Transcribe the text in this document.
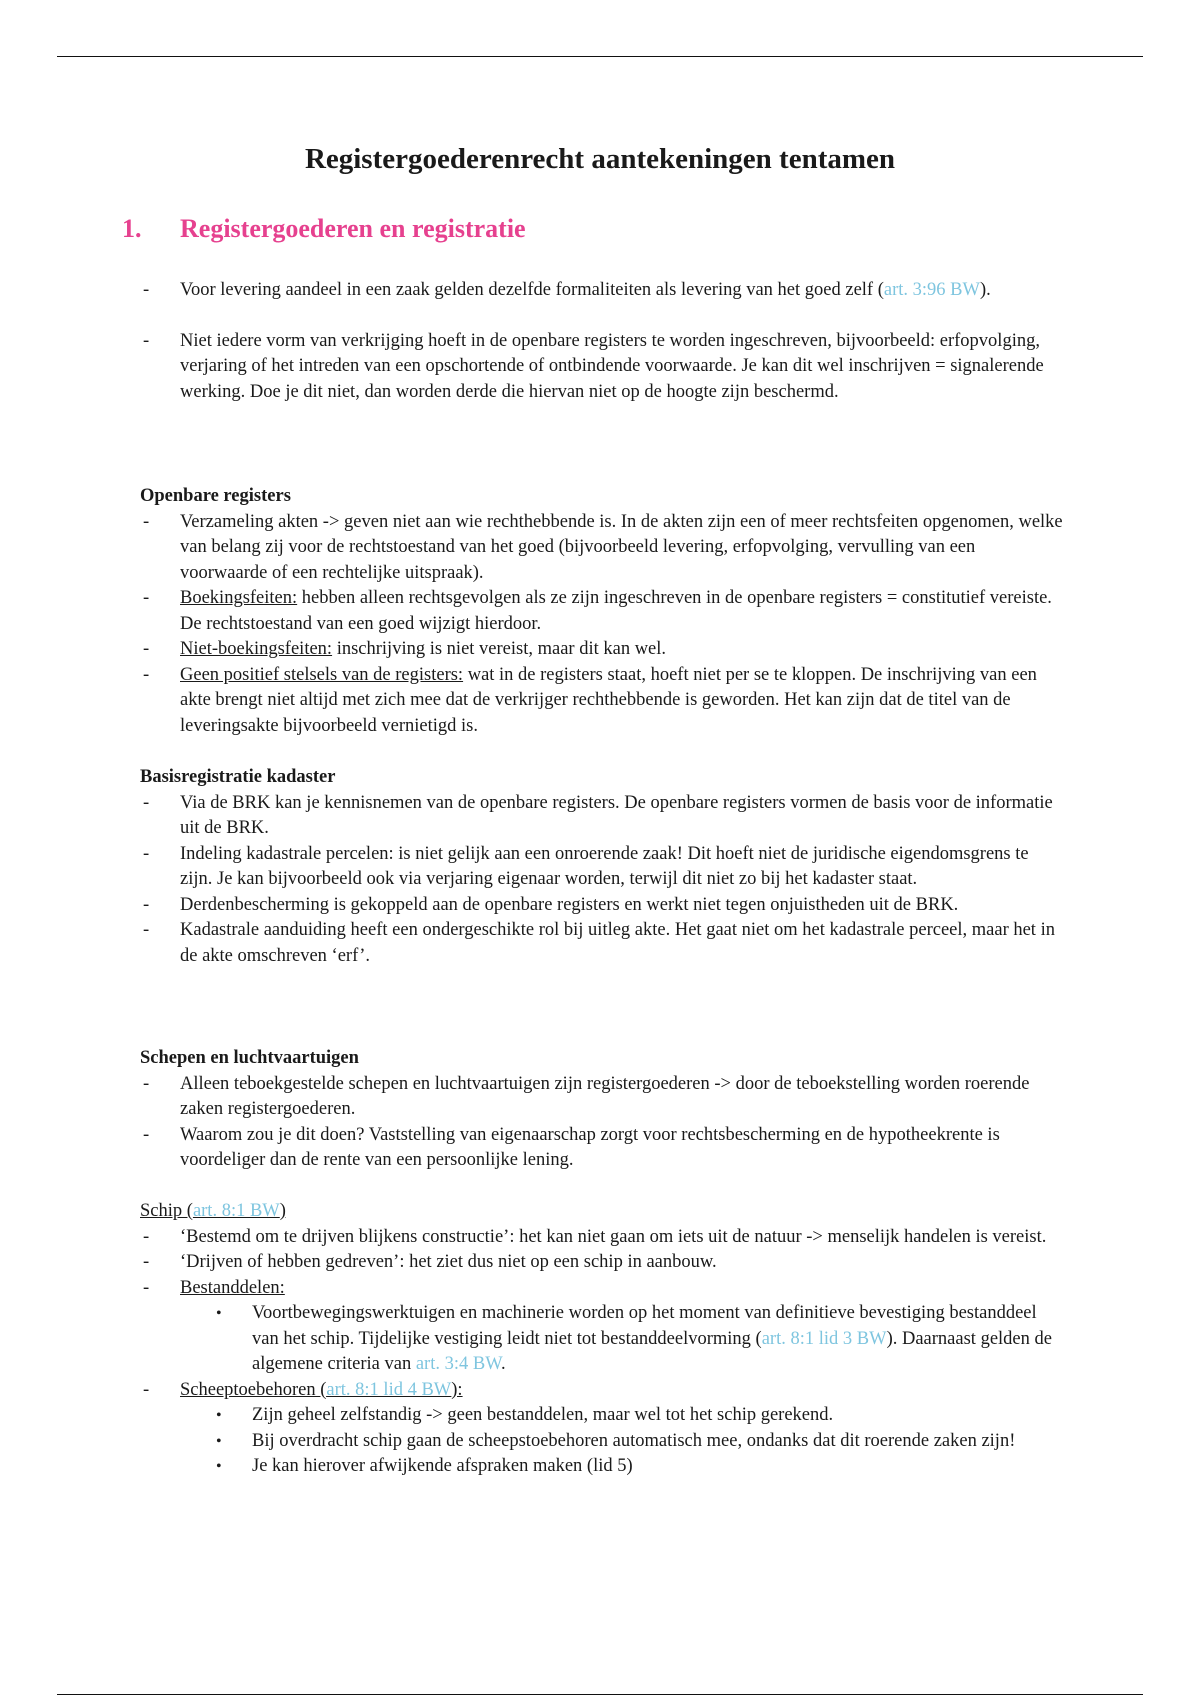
Registergoederenrecht aantekeningen tentamen
1. Registergoederen en registratie
- Voor levering aandeel in een zaak gelden dezelfde formaliteiten als levering van het goed zelf (art. 3:96 BW).
- Niet iedere vorm van verkrijging hoeft in de openbare registers te worden ingeschreven, bijvoorbeeld: erfopvolging, verjaring of het intreden van een opschortende of ontbindende voorwaarde. Je kan dit wel inschrijven = signalerende werking. Doe je dit niet, dan worden derde die hiervan niet op de hoogte zijn beschermd.
Openbare registers
- Verzameling akten -> geven niet aan wie rechthebbende is. In de akten zijn een of meer rechtsfeiten opgenomen, welke van belang zij voor de rechtstoestand van het goed (bijvoorbeeld levering, erfopvolging, vervulling van een voorwaarde of een rechtelijke uitspraak).
- Boekingsfeiten: hebben alleen rechtsgevolgen als ze zijn ingeschreven in de openbare registers = constitutief vereiste. De rechtstoestand van een goed wijzigt hierdoor.
- Niet-boekingsfeiten: inschrijving is niet vereist, maar dit kan wel.
- Geen positief stelsels van de registers: wat in de registers staat, hoeft niet per se te kloppen. De inschrijving van een akte brengt niet altijd met zich mee dat de verkrijger rechthebbende is geworden. Het kan zijn dat de titel van de leveringsakte bijvoorbeeld vernietigd is.
Basisregistratie kadaster
- Via de BRK kan je kennisnemen van de openbare registers. De openbare registers vormen de basis voor de informatie uit de BRK.
- Indeling kadastrale percelen: is niet gelijk aan een onroerende zaak! Dit hoeft niet de juridische eigendomsgrens te zijn. Je kan bijvoorbeeld ook via verjaring eigenaar worden, terwijl dit niet zo bij het kadaster staat.
- Derdenbescherming is gekoppeld aan de openbare registers en werkt niet tegen onjuistheden uit de BRK.
- Kadastrale aanduiding heeft een ondergeschikte rol bij uitleg akte. Het gaat niet om het kadastrale perceel, maar het in de akte omschreven ‘erf’.
Schepen en luchtvaartuigen
- Alleen teboekgestelde schepen en luchtvaartuigen zijn registergoederen -> door de teboekstelling worden roerende zaken registergoederen.
- Waarom zou je dit doen? Vaststelling van eigenaarschap zorgt voor rechtsbescherming en de hypotheekrente is voordeliger dan de rente van een persoonlijke lening.
Schip (art. 8:1 BW)
- ‘Bestemd om te drijven blijkens constructie’: het kan niet gaan om iets uit de natuur -> menselijk handelen is vereist.
- ‘Drijven of hebben gedreven’: het ziet dus niet op een schip in aanbouw.
- Bestanddelen:
• Voortbewegingswerktuigen en machinerie worden op het moment van definitieve bevestiging bestanddeel van het schip. Tijdelijke vestiging leidt niet tot bestanddeelvorming (art. 8:1 lid 3 BW). Daarnaast gelden de algemene criteria van art. 3:4 BW.
- Scheeptoebehoren (art. 8:1 lid 4 BW):
• Zijn geheel zelfstandig -> geen bestanddelen, maar wel tot het schip gerekend.
• Bij overdracht schip gaan de scheepstoebehoren automatisch mee, ondanks dat dit roerende zaken zijn!
• Je kan hierover afwijkende afspraken maken (lid 5)
